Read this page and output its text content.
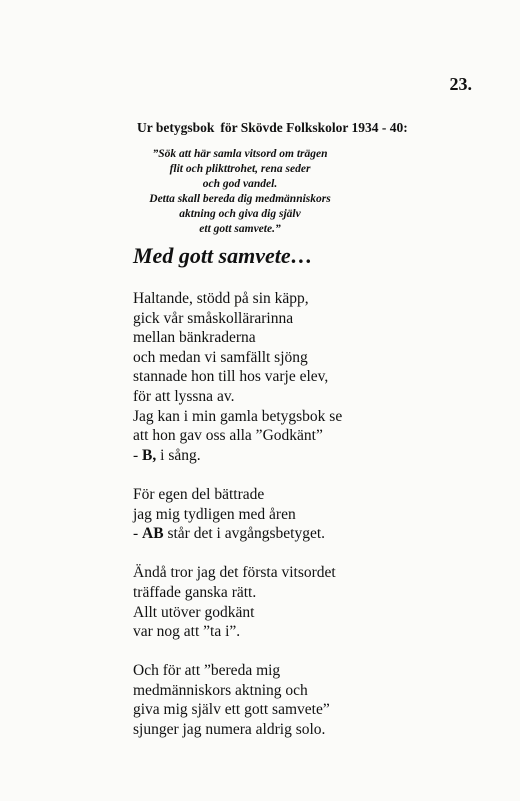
23.
Ur betygsbok för Skövde Folkskolor 1934 - 40:
”Sök att här samla vitsord om trägen
flit och plikttrohet, rena seder
och god vandel.
Detta skall bereda dig medmänniskors
aktning och giva dig själv
ett gott samvete.”
Med gott samvete…
Haltande, stödd på sin käpp,
gick vår småskollärarinna
mellan bänkraderna
och medan vi samfällt sjöng
stannade hon till hos varje elev,
för att lyssna av.
Jag kan i min gamla betygsbok se
att hon gav oss alla ”Godkänt”
- B, i sång.
För egen del bättrade
jag mig tydligen med åren
- AB står det i avgångsbetyget.
Ändå tror jag det första vitsordet
träffade ganska rätt.
Allt utöver godkänt
var nog att ”ta i”.
Och för att ”bereda mig
medmänniskors aktning och
giva mig själv ett gott samvete”
sjunger jag numera aldrig solo.
